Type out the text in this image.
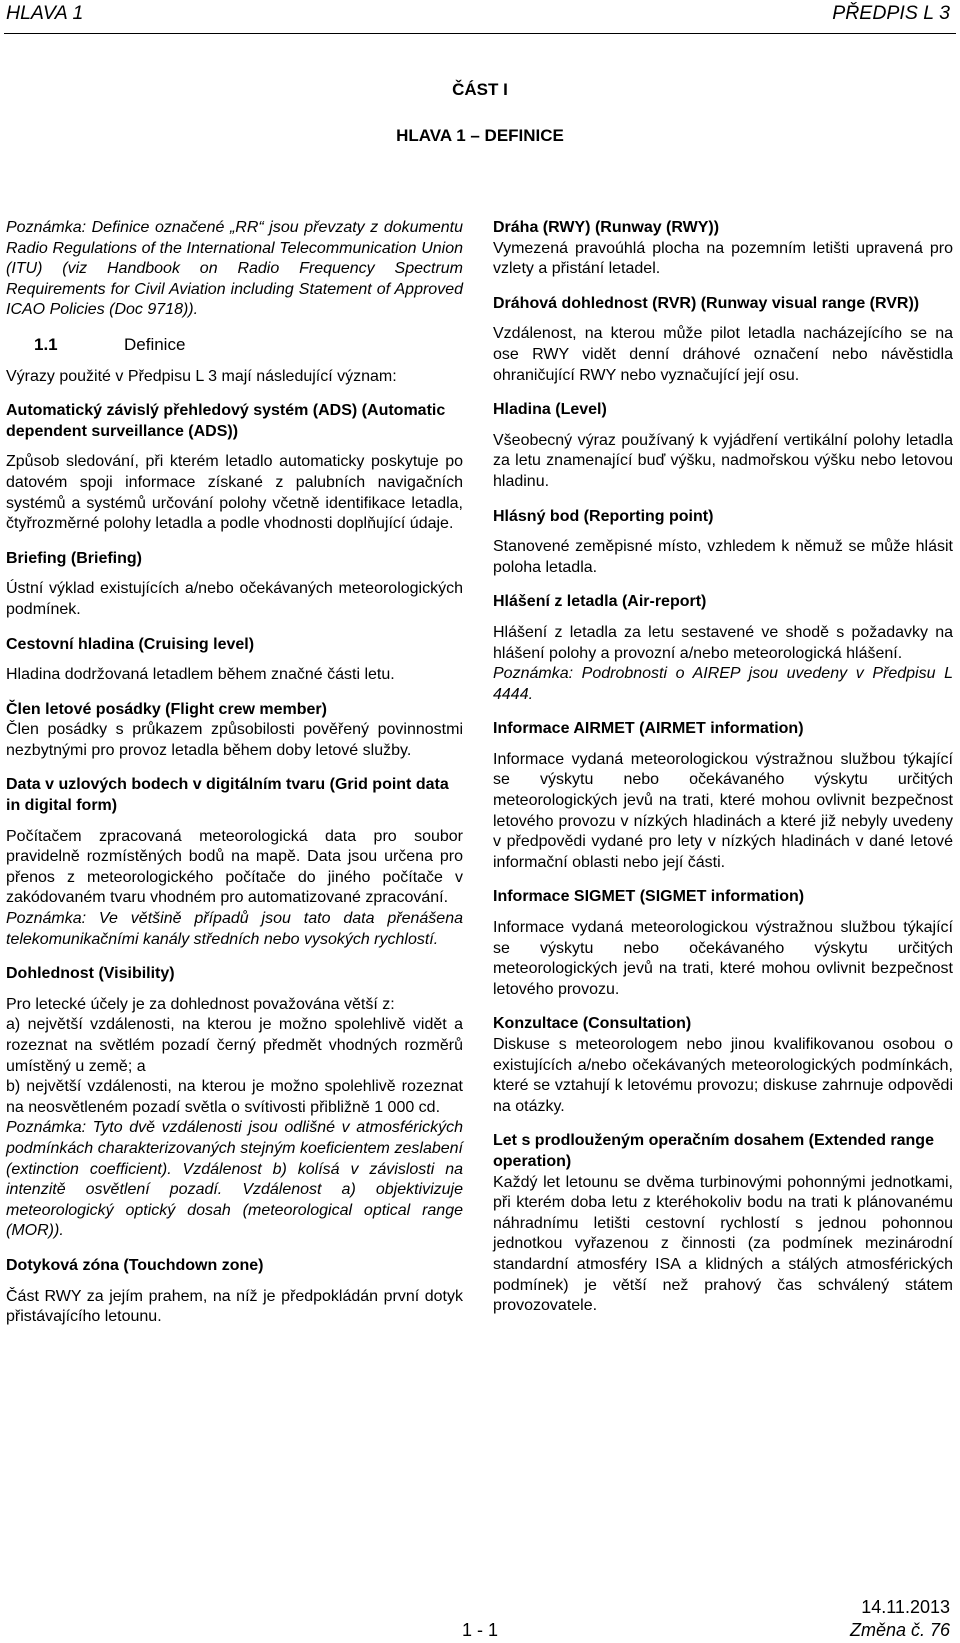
HLAVA 1	PŘEDPIS L 3
ČÁST I
HLAVA 1 – DEFINICE

Poznámka: Definice označené „RR“ jsou převzaty z dokumentu Radio Regulations of the International Telecommunication Union (ITU) (viz Handbook on Radio Frequency Spectrum Requirements for Civil Aviation including Statement of Approved ICAO Policies (Doc 9718)).

1.1	Definice

Výrazy použité v Předpisu L 3 mají následující význam:

Automatický závislý přehledový systém (ADS) (Automatic dependent surveillance (ADS))

Způsob sledování, při kterém letadlo automaticky poskytuje po datovém spoji informace získané z palubních navigačních systémů a systémů určování polohy včetně identifikace letadla, čtyřrozměrné polohy letadla a podle vhodnosti doplňující údaje.

Briefing (Briefing)

Ústní výklad existujících a/nebo očekávaných meteorologických podmínek.

Cestovní hladina (Cruising level)

Hladina dodržovaná letadlem během značné části letu.

Člen letové posádky (Flight crew member)

Člen posádky s průkazem způsobilosti pověřený povinnostmi nezbytnými pro provoz letadla během doby letové služby.

Data v uzlových bodech v digitálním tvaru (Grid point data in digital form)

Počítačem zpracovaná meteorologická data pro soubor pravidelně rozmístěných bodů na mapě. Data jsou určena pro přenos z meteorologického počítače do jiného počítače v zakódovaném tvaru vhodném pro automatizované zpracování.

Poznámka: Ve většině případů jsou tato data přenášena telekomunikačními kanály středních nebo vysokých rychlostí.

Dohlednost (Visibility)

Pro letecké účely je za dohlednost považována větší z:

a) největší vzdálenosti, na kterou je možno spolehlivě vidět a rozeznat na světlém pozadí černý předmět vhodných rozměrů umístěný u země; a

b) největší vzdálenosti, na kterou je možno spolehlivě rozeznat na neosvětleném pozadí světla o svítivosti přibližně 1 000 cd.

Poznámka: Tyto dvě vzdálenosti jsou odlišné v atmosférických podmínkách charakterizovaných stejným koeficientem zeslabení (extinction coefficient). Vzdálenost b) kolísá v závislosti na intenzitě osvětlení pozadí. Vzdálenost a) objektivizuje meteorologický optický dosah (meteorological optical range (MOR)).

Dotyková zóna (Touchdown zone)

Část RWY za jejím prahem, na níž je předpokládán první dotyk přistávajícího letounu.

Dráha (RWY) (Runway (RWY))

Vymezená pravoúhlá plocha na pozemním letišti upravená pro vzlety a přistání letadel.

Dráhová dohlednost (RVR) (Runway visual range (RVR))

Vzdálenost, na kterou může pilot letadla nacházejícího se na ose RWY vidět denní dráhové označení nebo návěstidla ohraničující RWY nebo vyznačující její osu.

Hladina (Level)

Všeobecný výraz používaný k vyjádření vertikální polohy letadla za letu znamenající buď výšku, nadmořskou výšku nebo letovou hladinu.

Hlásný bod (Reporting point)

Stanovené zeměpisné místo, vzhledem k němuž se může hlásit poloha letadla.

Hlášení z letadla (Air-report)

Hlášení z letadla za letu sestavené ve shodě s požadavky na hlášení polohy a provozní a/nebo meteorologická hlášení.

Poznámka: Podrobnosti o AIREP jsou uvedeny v Předpisu L 4444.

Informace AIRMET (AIRMET information)

Informace vydaná meteorologickou výstražnou službou týkající se výskytu nebo očekávaného výskytu určitých meteorologických jevů na trati, které mohou ovlivnit bezpečnost letového provozu v nízkých hladinách a které již nebyly uvedeny v předpovědi vydané pro lety v nízkých hladinách v dané letové informační oblasti nebo její části.

Informace SIGMET (SIGMET information)

Informace vydaná meteorologickou výstražnou službou týkající se výskytu nebo očekávaného výskytu určitých meteorologických jevů na trati, které mohou ovlivnit bezpečnost letového provozu.

Konzultace (Consultation)

Diskuse s meteorologem nebo jinou kvalifikovanou osobou o existujících a/nebo očekávaných meteorologických podmínkách, které se vztahují k letovému provozu; diskuse zahrnuje odpovědi na otázky.

Let s prodlouženým operačním dosahem (Extended range operation)

Každý let letounu se dvěma turbinovými pohonnými jednotkami, při kterém doba letu z kteréhokoliv bodu na trati k plánovanému náhradnímu letišti cestovní rychlostí s jednou pohonnou jednotkou vyřazenou z činnosti (za podmínek mezinárodní standardní atmosféry ISA a klidných a stálých atmosférických podmínek) je větší než prahový čas schválený státem provozovatele.

1 - 1
14.11.2013
Změna č. 76
